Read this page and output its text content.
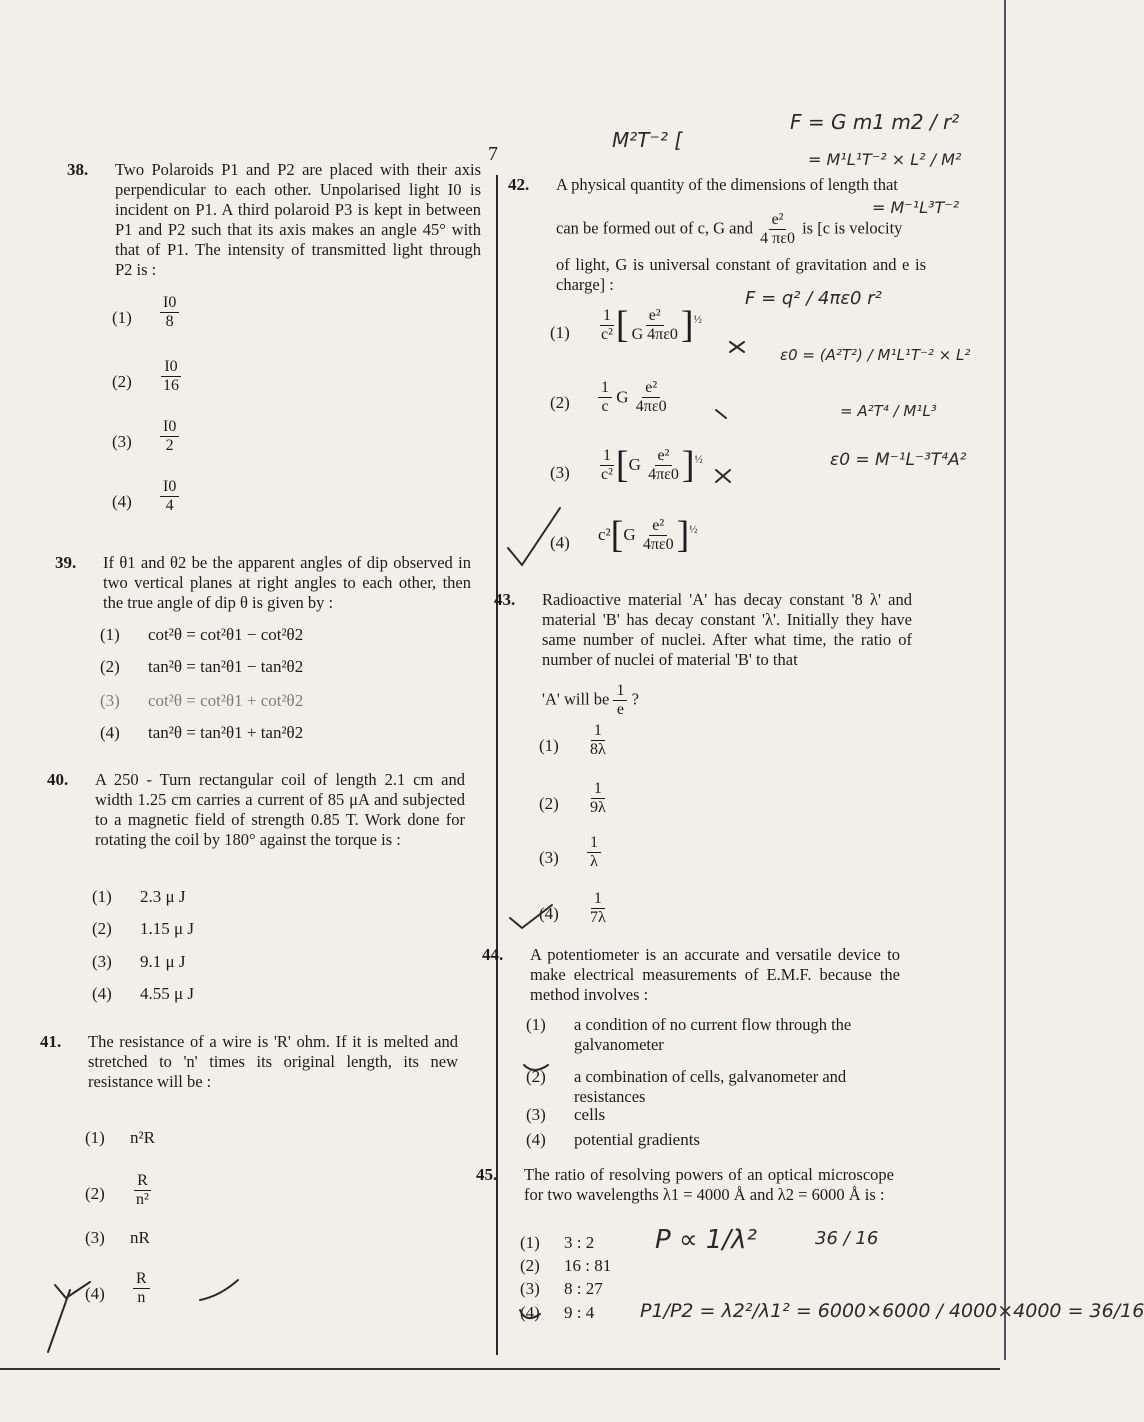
7
38. Two Polaroids P1 and P2 are placed with their axis perpendicular to each other. Unpolarised light I0 is incident on P1. A third polaroid P3 is kept in between P1 and P2 such that its axis makes an angle 45° with that of P1. The intensity of transmitted light through P2 is :
$(1) \frac{I0}{8}$
$(2) \frac{I0}{16}$
$(3) \frac{I0}{2}$
$(4) \frac{I0}{4}$
39. If θ1 and θ2 be the apparent angles of dip observed in two vertical planes at right angles to each other, then the true angle of dip θ is given by :
(1) cot²θ = cot²θ1 − cot²θ2
(2) tan²θ = tan²θ1 − tan²θ2
(3) cot²θ = cot²θ1 + cot²θ2
(4) tan²θ = tan²θ1 + tan²θ2
40. A 250 - Turn rectangular coil of length 2.1 cm and width 1.25 cm carries a current of 85 μA and subjected to a magnetic field of strength 0.85 T. Work done for rotating the coil by 180° against the torque is :
(1) 2.3 μ J
(2) 1.15 μ J
(3) 9.1 μ J
(4) 4.55 μ J
41. The resistance of a wire is 'R' ohm. If it is melted and stretched to 'n' times its original length, its new resistance will be :
(1) n²R
$(2) \frac{R}{\text{n²}}$
(3) nR
$(4) \frac{R}{n}$
42. A physical quantity of the dimensions of length that
can be formed out of c, G and $\frac{\text{e²}}{4 \pi\varepsilon 0}$ is [c is velocity
of light, G is universal constant of gravitation and e is charge] :
$(1) \frac{1}{\text{c²}}$ [ $\frac{\text{e²}}{G 4\pi\varepsilon 0} ]^{\frac{1}{2}}$
$(2) \frac{1}{c}$ G $\frac{\text{e²}}{4\pi\varepsilon 0}$
$(3) \frac{1}{\text{c²}} [G \frac{\text{e²}}{4\pi\varepsilon 0} ]^{\frac{1}{2}}$
(4) $c^2[G \frac{\text{e²}}{4\pi\varepsilon 0} ]^{\frac{1}{2}}$
43. Radioactive material 'A' has decay constant '8 λ' and material 'B' has decay constant 'λ'. Initially they have same number of nuclei. After what time, the ratio of number of nuclei of material 'B' to that
'A' will be $\frac{1}{e}$ ?
$(1) \frac{1}{8\lambda}$
$(2) \frac{1}{9\lambda}$
$(3) \frac{1}{\lambda}$
$(4) \frac{1}{7\lambda}$
44. A potentiometer is an accurate and versatile device to make electrical measurements of E.M.F. because the method involves :
(1) a condition of no current flow through the galvanometer
(2) a combination of cells, galvanometer and resistances
(3) cells
(4) potential gradients
45. The ratio of resolving powers of an optical microscope for two wavelengths λ1 = 4000 Å and λ2 = 6000 Å is :
(1) 3 : 2
(2) 16 : 81
(3) 8 : 27
(4) 9 : 4
M²T⁻² [
F = G m1 m2 / r²
= M¹L¹T⁻² × L² / M²
= M⁻¹L³T⁻²
F = q² / 4πε0 r²
ε0 = (A²T²) / M¹L¹T⁻² × L²
= A²T⁴ / M¹L³
ε0 = M⁻¹L⁻³T⁴A²
P ∝ 1/λ²	36 / 16
P1/P2 = λ2²/λ1² = 6000×6000 / 4000×4000 = 36/16
